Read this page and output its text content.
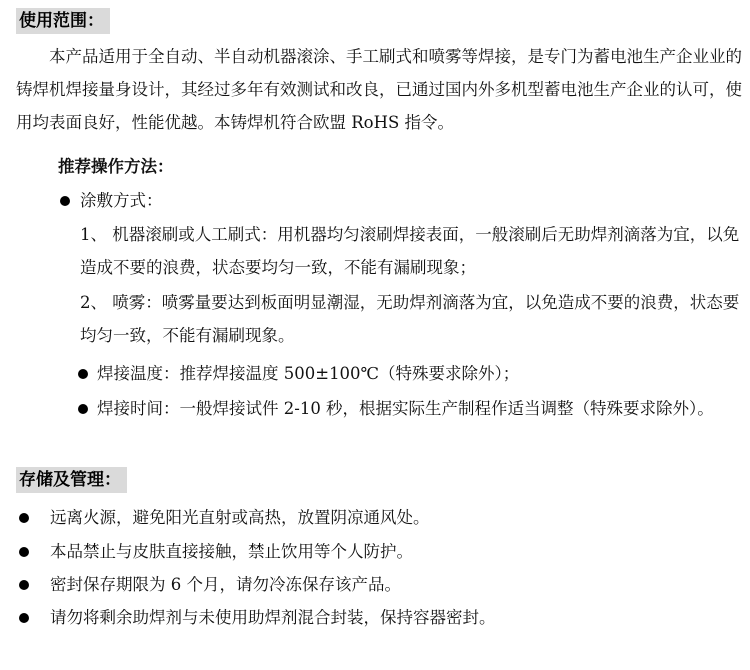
使用范围：

本产品适用于全自动、半自动机器滚涂、手工刷式和喷雾等焊接，是专门为蓄电池生产企业业的铸焊机焊接量身设计，其经过多年有效测试和改良，已通过国内外多机型蓄电池生产企业的认可，使用均表面良好，性能优越。本铸焊机符合欧盟 RoHS 指令。

推荐操作方法：
涂敷方式：

1、 机器滚刷或人工刷式：用机器均匀滚刷焊接表面，一般滚刷后无助焊剂滴落为宜，以免造成不要的浪费，状态要均匀一致，不能有漏刷现象；

2、 喷雾：喷雾量要达到板面明显潮湿，无助焊剂滴落为宜，以免造成不要的浪费，状态要均匀一致，不能有漏刷现象。

焊接温度：推荐焊接温度 500±100℃（特殊要求除外）；
焊接时间：一般焊接试件 2-10 秒，根据实际生产制程作适当调整（特殊要求除外）。
存储及管理：
远离火源，避免阳光直射或高热，放置阴凉通风处。
本品禁止与皮肤直接接触，禁止饮用等个人防护。
密封保存期限为 6 个月，请勿冷冻保存该产品。
请勿将剩余助焊剂与未使用助焊剂混合封装，保持容器密封。
